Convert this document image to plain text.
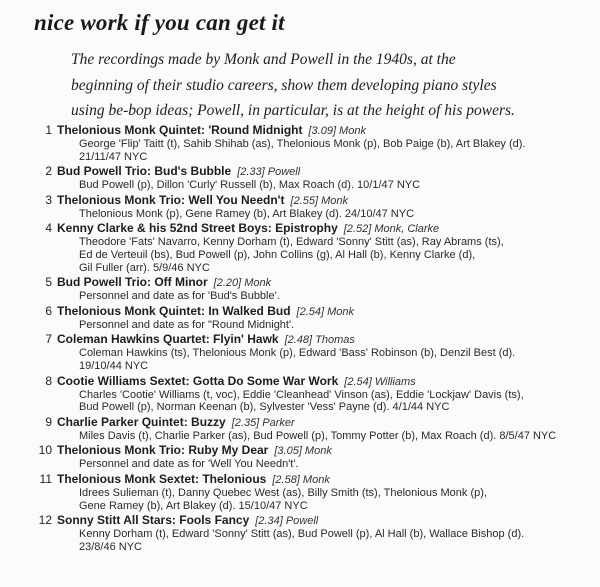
nice work if you can get it
The recordings made by Monk and Powell in the 1940s, at the
beginning of their studio careers, show them developing piano styles
using be-bop ideas; Powell, in particular, is at the height of his powers.
1 Thelonious Monk Quintet: 'Round Midnight [3.09] Monk
George 'Flip' Taitt (t), Sahib Shihab (as), Thelonious Monk (p), Bob Paige (b), Art Blakey (d).
21/11/47 NYC
2 Bud Powell Trio: Bud's Bubble [2.33] Powell
Bud Powell (p), Dillon 'Curly' Russell (b), Max Roach (d). 10/1/47 NYC
3 Thelonious Monk Trio: Well You Needn't [2.55] Monk
Thelonious Monk (p), Gene Ramey (b), Art Blakey (d). 24/10/47 NYC
4 Kenny Clarke & his 52nd Street Boys: Epistrophy [2.52] Monk, Clarke
Theodore 'Fats' Navarro, Kenny Dorham (t), Edward 'Sonny' Stitt (as), Ray Abrams (ts),
Ed de Verteuil (bs), Bud Powell (p), John Collins (g), Al Hall (b), Kenny Clarke (d),
Gil Fuller (arr). 5/9/46 NYC
5 Bud Powell Trio: Off Minor [2.20] Monk
Personnel and date as for 'Bud's Bubble'.
6 Thelonious Monk Quintet: In Walked Bud [2.54] Monk
Personnel and date as for "Round Midnight'.
7 Coleman Hawkins Quartet: Flyin' Hawk [2.48] Thomas
Coleman Hawkins (ts), Thelonious Monk (p), Edward 'Bass' Robinson (b), Denzil Best (d).
19/10/44 NYC
8 Cootie Williams Sextet: Gotta Do Some War Work [2.54] Williams
Charles 'Cootie' Williams (t, voc), Eddie 'Cleanhead' Vinson (as), Eddie 'Lockjaw' Davis (ts),
Bud Powell (p), Norman Keenan (b), Sylvester 'Vess' Payne (d). 4/1/44 NYC
9 Charlie Parker Quintet: Buzzy [2.35] Parker
Miles Davis (t), Charlie Parker (as), Bud Powell (p), Tommy Potter (b), Max Roach (d). 8/5/47 NYC
10 Thelonious Monk Trio: Ruby My Dear [3.05] Monk
Personnel and date as for 'Well You Needn't'.
11 Thelonious Monk Sextet: Thelonious [2.58] Monk
Idrees Sulieman (t), Danny Quebec West (as), Billy Smith (ts), Thelonious Monk (p),
Gene Ramey (b), Art Blakey (d). 15/10/47 NYC
12 Sonny Stitt All Stars: Fools Fancy [2.34] Powell
Kenny Dorham (t), Edward 'Sonny' Stitt (as), Bud Powell (p), Al Hall (b), Wallace Bishop (d).
23/8/46 NYC
